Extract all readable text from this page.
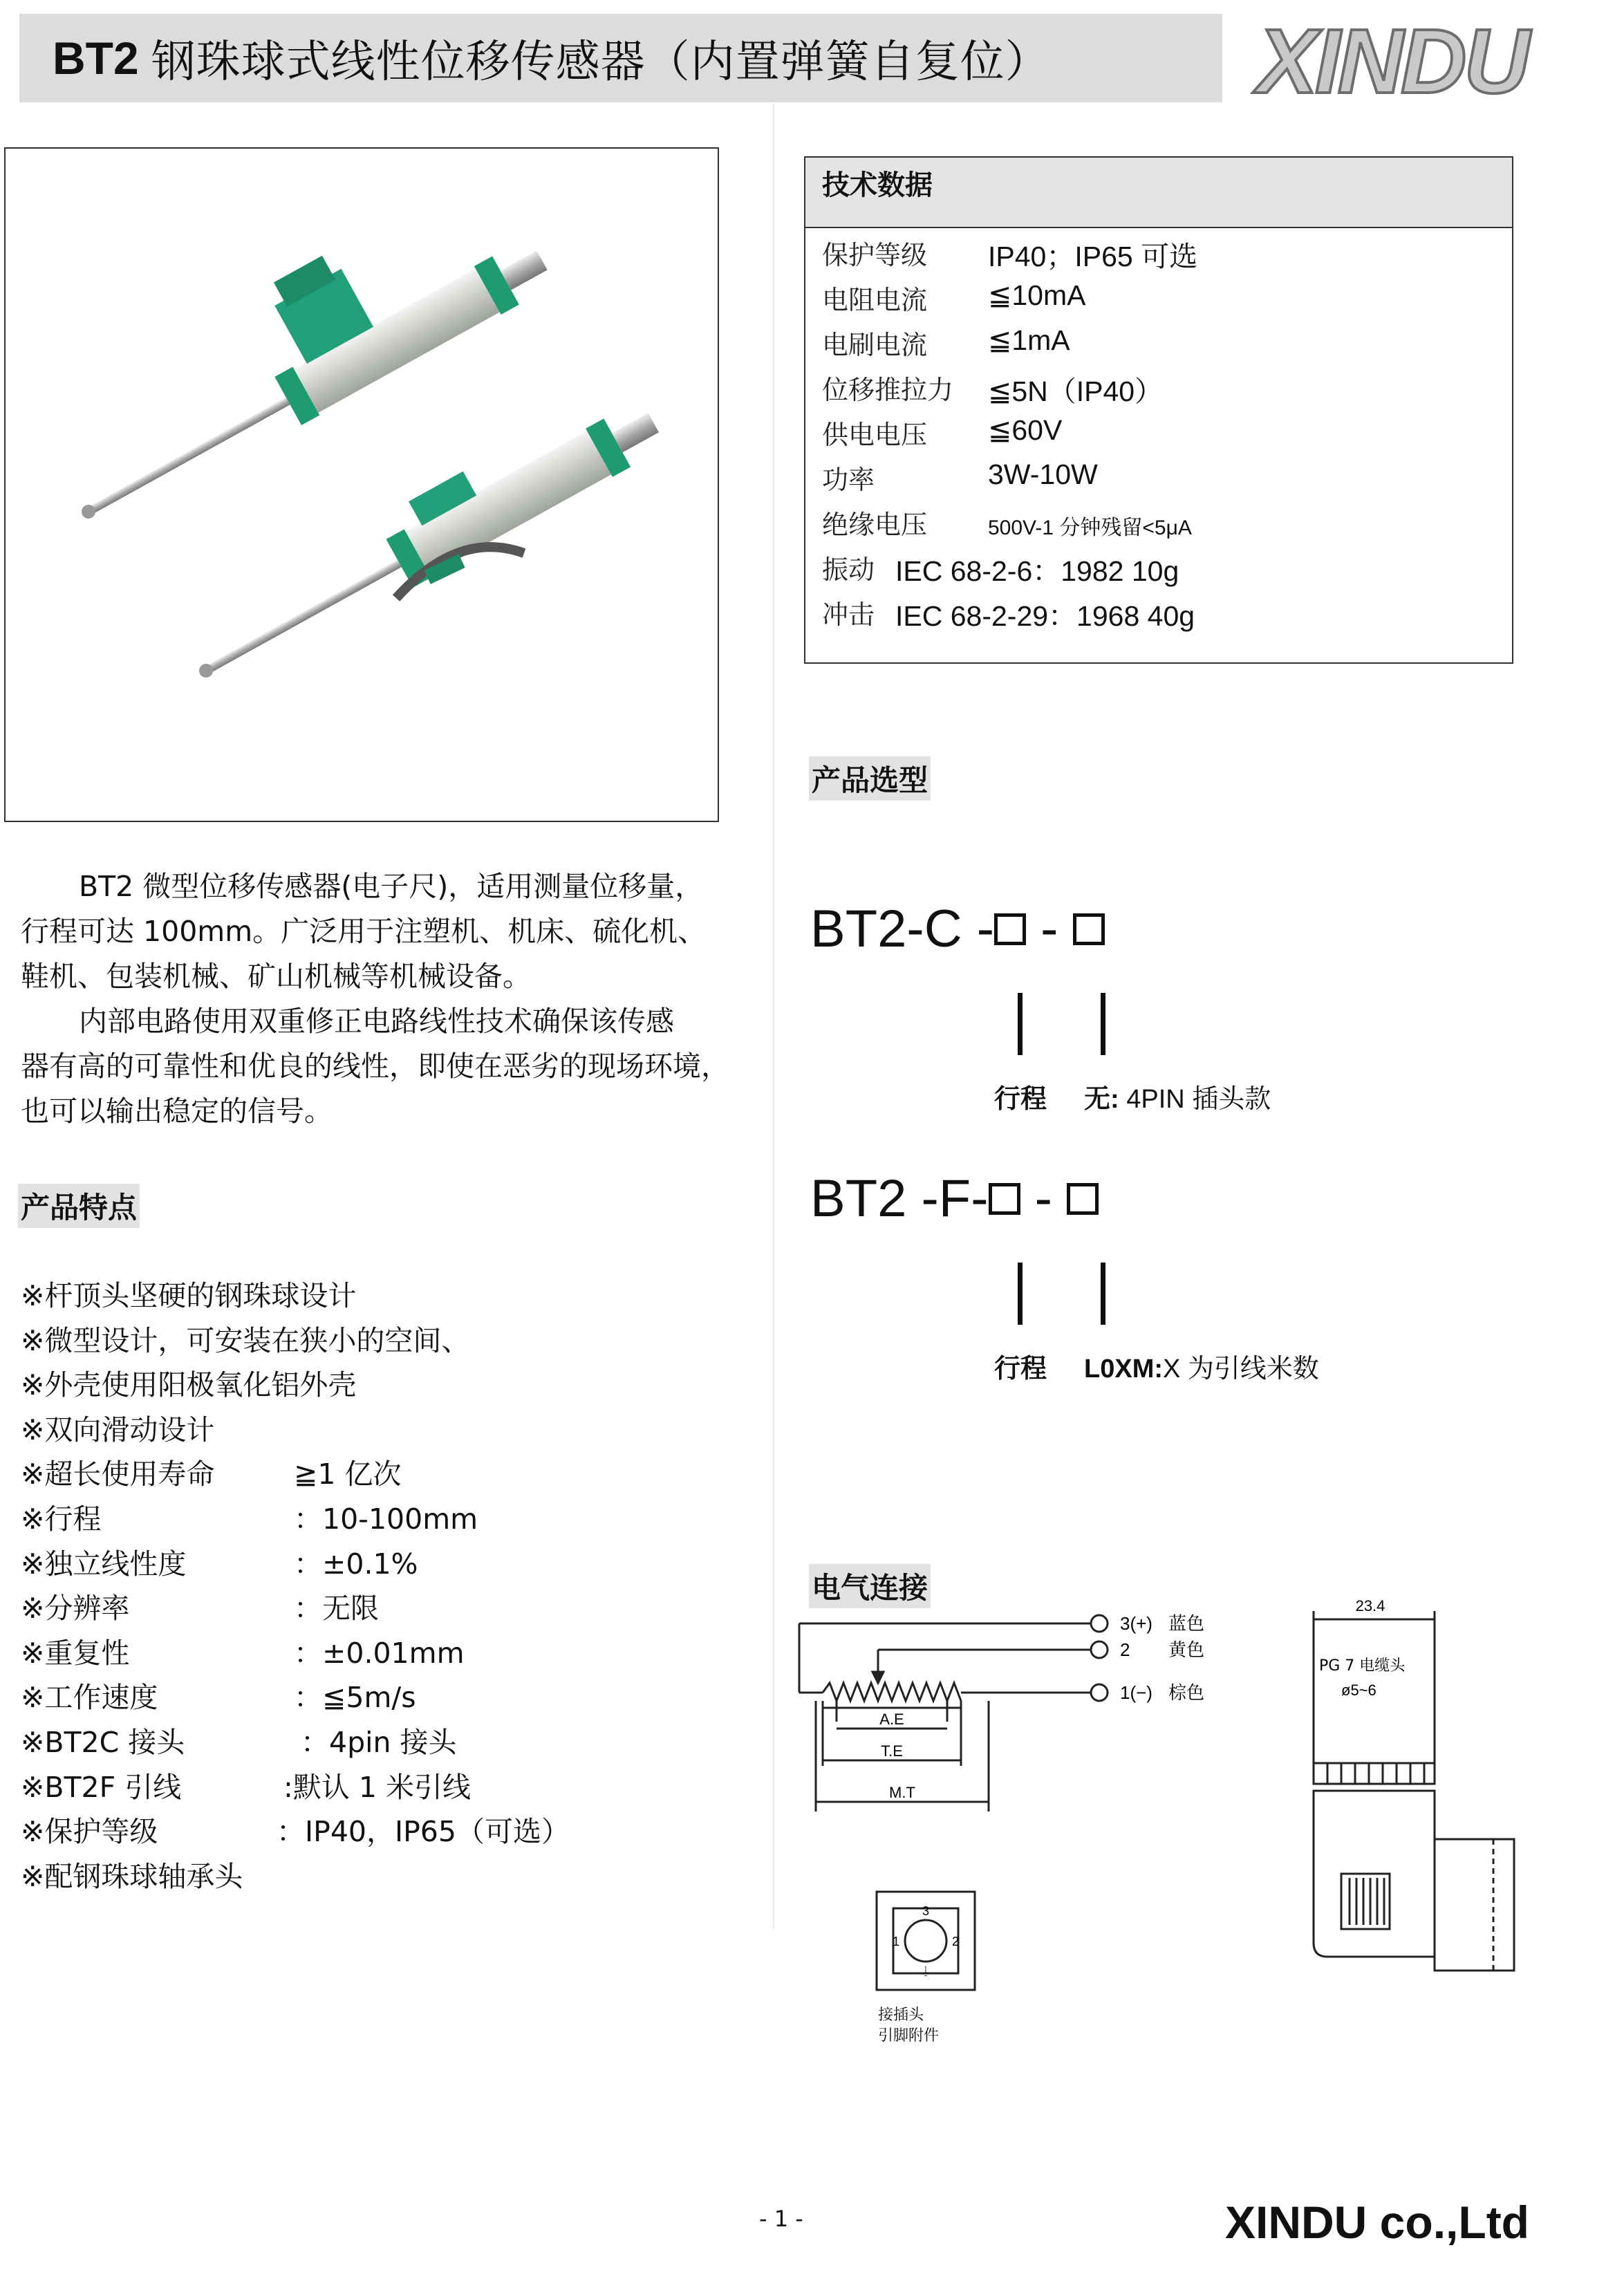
BT2 钢珠球式线性位移传感器（内置弹簧自复位） XINDU

BT2 微型位移传感器(电子尺)，适用测量位移量，

行程可达 100mm。广泛用于注塑机、机床、硫化机、

鞋机、包装机械、矿山机械等机械设备。

内部电路使用双重修正电路线性技术确保该传感

器有高的可靠性和优良的线性，即使在恶劣的现场环境，

也可以输出稳定的信号。

产品特点
※杆顶头坚硬的钢珠球设计
※微型设计，可安装在狭小的空间、
※外壳使用阳极氧化铝外壳
※双向滑动设计
※超长使用寿命	≧1 亿次
※行程	：10-100mm
※独立线性度	：±0.1%
※分辨率	：无限
※重复性	：±0.01mm
※工作速度	：≦5m/s
※BT2C 接头	：4pin 接头
※BT2F 引线	:默认 1 米引线
※保护等级	：IP40，IP65（可选）
※配钢珠球轴承头
技术数据
保护等级 IP40；IP65 可选
电阻电流 ≦10mA
电刷电流 ≦1mA
位移推拉力 ≦5N（IP40）
供电电压 ≦60V
功率	3W-10W
绝缘电压	500V-1 分钟残留<5μA
振动 IEC 68-2-6：1982 10g
冲击 IEC 68-2-29：1968 40g
产品选型
BT2-C - -
行程 无: 4PIN 插头款
BT2 -F- -
行程 L0XM:X 为引线米数
电气连接
3(+) 蓝色
2 黄色
1(−) 棕色
A.E
T.E
M.T
23.4
PG 7 电缆头
ø5~6
3
1	2
⏚
接插头
引脚附件
- 1 -	XINDU co.,Ltd
